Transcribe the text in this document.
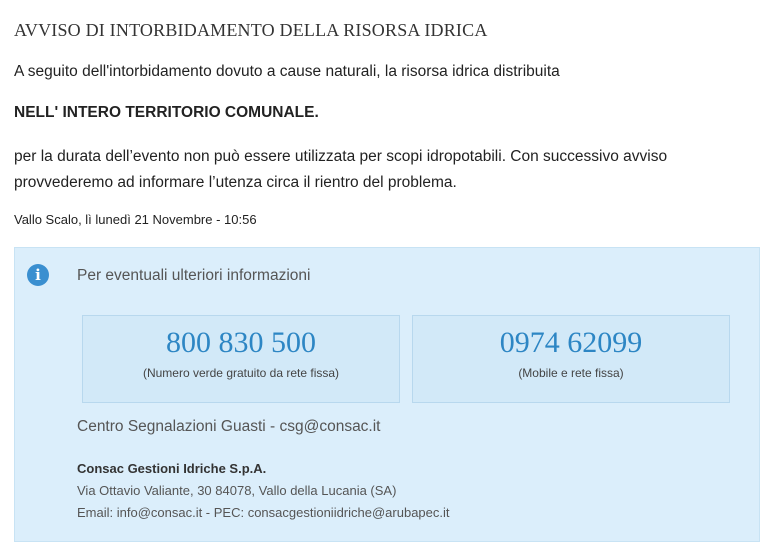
AVVISO DI INTORBIDAMENTO DELLA RISORSA IDRICA
A seguito dell'intorbidamento dovuto a cause naturali, la risorsa idrica distribuita
NELL' INTERO TERRITORIO COMUNALE.
per la durata dell’evento non può essere utilizzata per scopi idropotabili. Con successivo avviso provvederemo ad informare l’utenza circa il rientro del problema.
Vallo Scalo, lì lunedì 21 Novembre - 10:56
i	Per eventuali ulteriori informazioni
800 830 500
(Numero verde gratuito da rete fissa)
0974 62099
(Mobile e rete fissa)
Centro Segnalazioni Guasti - csg@consac.it
Consac Gestioni Idriche S.p.A.
Via Ottavio Valiante, 30 84078, Vallo della Lucania (SA)
Email: info@consac.it - PEC: consacgestioniidriche@arubapec.it
